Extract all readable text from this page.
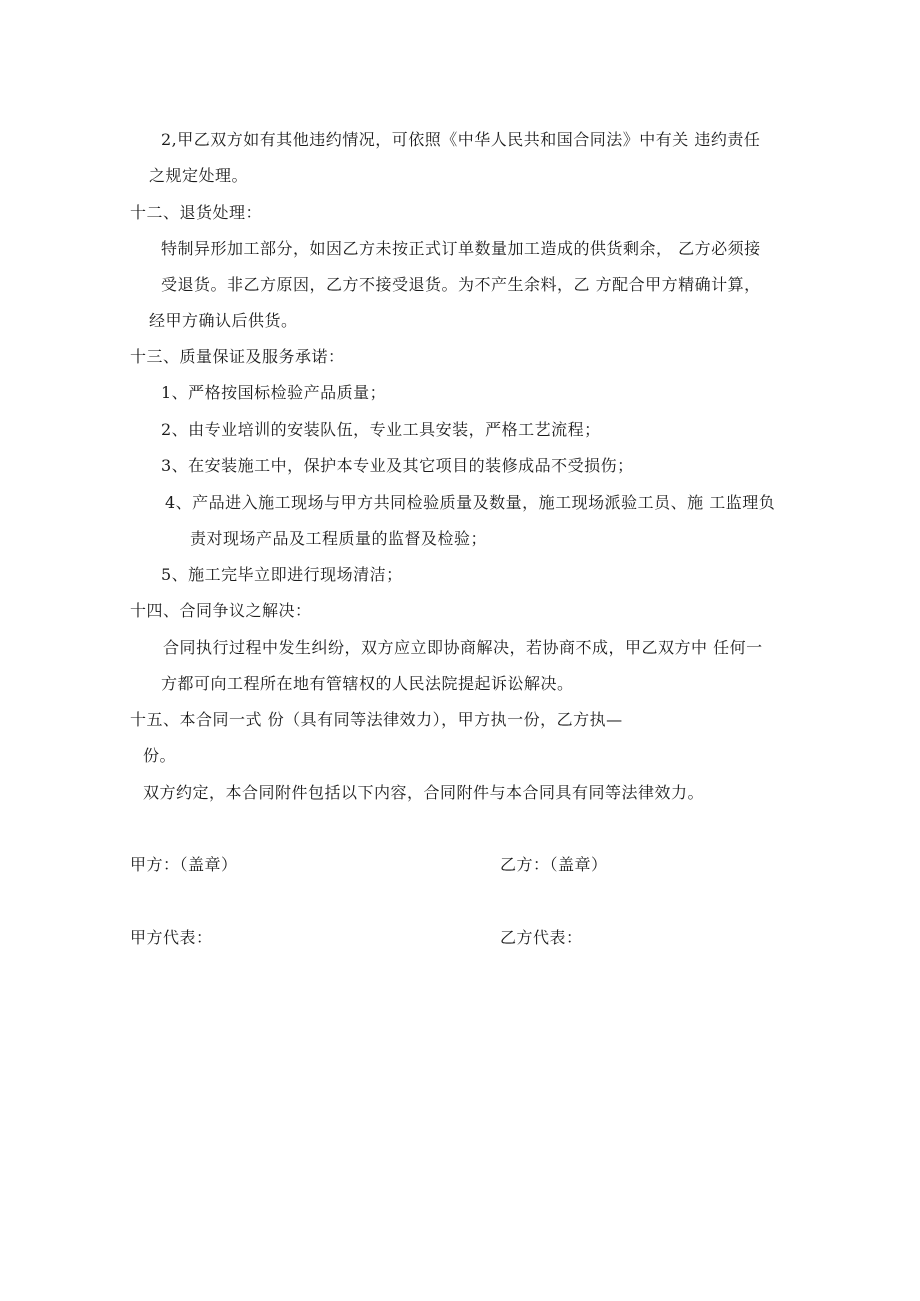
2,甲乙双方如有其他违约情况，可依照《中华人民共和国合同法》中有关 违约责任
之规定处理。
十二、退货处理：
特制异形加工部分，如因乙方未按正式订单数量加工造成的供货剩余， 乙方必须接
受退货。非乙方原因，乙方不接受退货。为不产生余料，乙 方配合甲方精确计算，
经甲方确认后供货。
十三、质量保证及服务承诺：
1、严格按国标检验产品质量；
2、由专业培训的安装队伍，专业工具安装，严格工艺流程；
3、在安装施工中，保护本专业及其它项目的装修成品不受损伤；
4、产品进入施工现场与甲方共同检验质量及数量，施工现场派验工员、施 工监理负
责对现场产品及工程质量的监督及检验；
5、施工完毕立即进行现场清洁；
十四、合同争议之解决：
合同执行过程中发生纠纷，双方应立即协商解决，若协商不成，甲乙双方中 任何一
方都可向工程所在地有管辖权的人民法院提起诉讼解决。
十五、本合同一式 份（具有同等法律效力），甲方执一份，乙方执—
份。
双方约定，本合同附件包括以下内容，合同附件与本合同具有同等法律效力。
甲方：（盖章）	乙方：（盖章）
甲方代表：	乙方代表：
